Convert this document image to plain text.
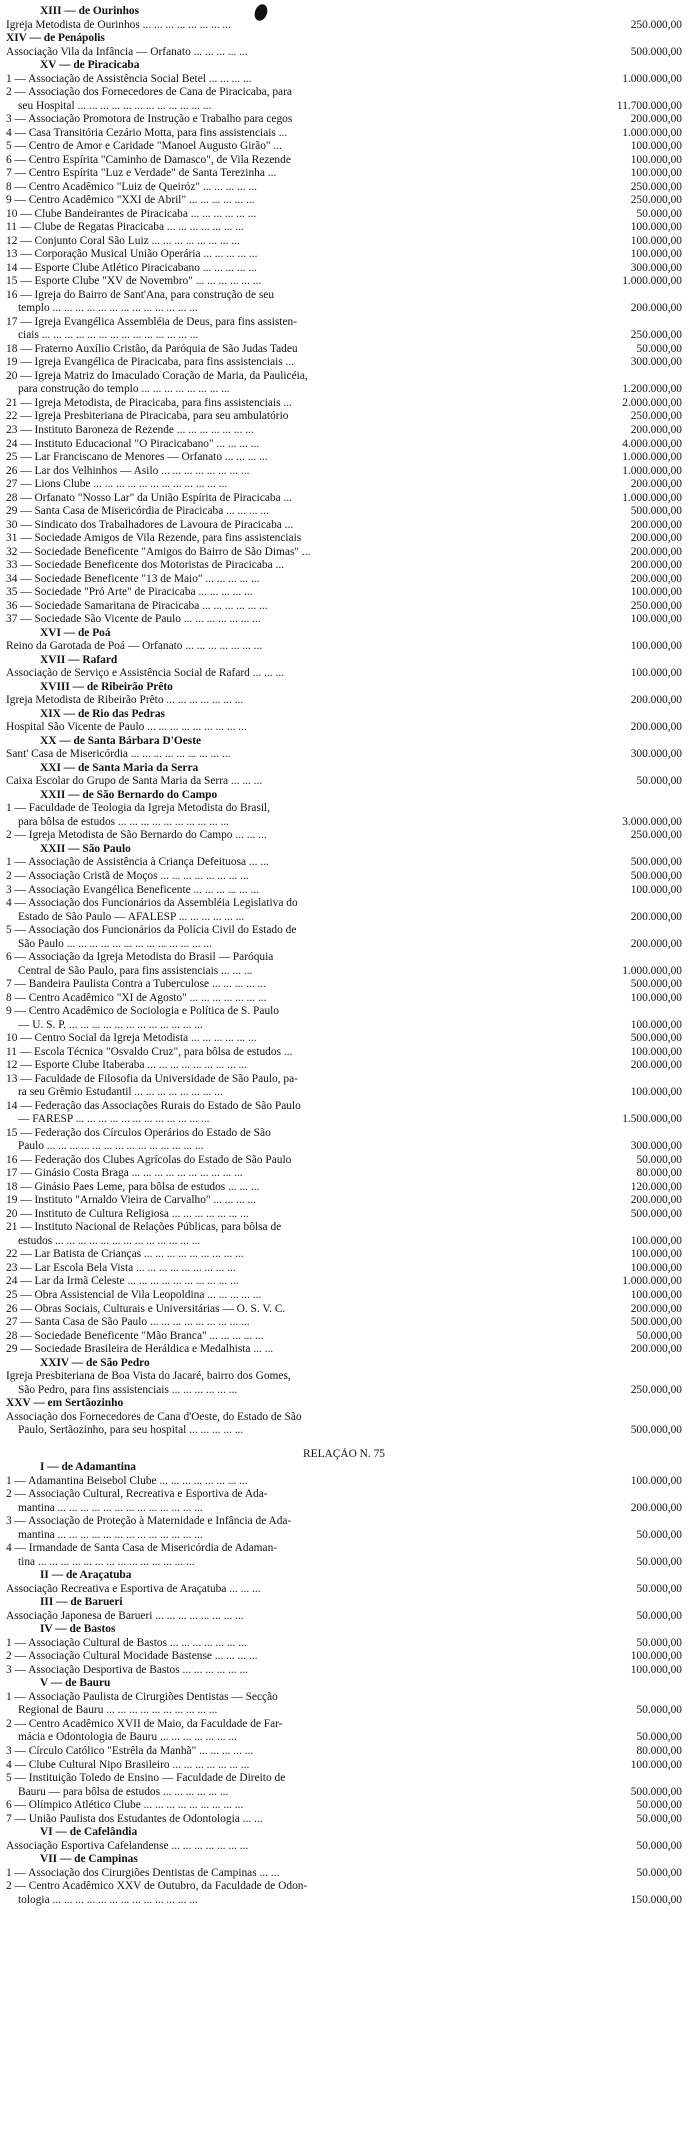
XIII — de Ourinhos
Igreja Metodista de Ourinhos ... ... ... ... ... ... ... ...	250.000,00
XIV — de Penápolis
Associação Vila da Infância — Orfanato ... ... ... ... ...	500.000,00
XV — de Piracicaba
1 — Associação de Assistência Social Betel ... ... ... ...	1.000.000,00
2 — Associação dos Fornecedores de Cana de Piracicaba, para
seu Hospital ... ... ... ... ... ... ... ... ... ... ... ...	11.700.000,00
3 — Associação Promotora de Instrução e Trabalho para cegos	200.000,00
4 — Casa Transitória Cezário Motta, para fins assistenciais ...	1.000.000,00
5 — Centro de Amor e Caridade "Manoel Augusto Girão" ...	100.000,00
6 — Centro Espírita "Caminho de Damasco", de Vila Rezende	100.000,00
7 — Centro Espírita "Luz e Verdade" de Santa Terezinha ...	100.000,00
8 — Centro Acadêmico "Luiz de Queiróz" ... ... ... ... ...	250.000,00
9 — Centro Acadêmico "XXI de Abril" ... ... ... ... ... ...	250.000,00
10 — Clube Bandeirantes de Piracicaba ... ... ... ... ... ...	50.000,00
11 — Clube de Regatas Piracicaba ... ... ... ... ... ... ...	100.000,00
12 — Conjunto Coral São Luiz ... ... ... ... ... ... ... ...	100.000,00
13 — Corporação Musical União Operária ... ... ... ... ...	100.000,00
14 — Esporte Clube Atlético Piracicabano ... ... ... ... ...	300.000,00
15 — Esporte Clube "XV de Novembro" ... ... ... ... ... ...	1.000.000,00
16 — Igreja do Bairro de Sant'Ana, para construção de seu
templo ... ... ... ... ... ... ... ... ... ... ... ... ...	200.000,00
17 — Igreja Evangélica Assembléia de Deus, para fins assisten-
ciais ... ... ... ... ... ... ... ... ... ... ... ... ... ...	250.000,00
18 — Fraterno Auxílio Cristão, da Paróquia de São Judas Tadeu	50.000,00
19 — Igreja Evangélica de Piracicaba, para fins assistenciais ...	300.000,00
20 — Igreja Matriz do Imaculado Coração de Maria, da Paulicéia,
para construção do templo ... ... ... ... ... ... ... ...	1.200.000,00
21 — Igreja Metodista, de Piracicaba, para fins assistenciais ...	2.000.000,00
22 — Igreja Presbiteriana de Piracicaba, para seu ambulatório	250.000,00
23 — Instituto Baroneza de Rezende ... ... ... ... ... ... ...	200.000,00
24 — Instituto Educacional "O Piracicabano" ... ... ... ...	4.000.000,00
25 — Lar Franciscano de Menores — Orfanato ... ... ... ...	1.000.000,00
26 — Lar dos Velhinhos — Asilo ... ... ... ... ... ... ... ...	1.000.000,00
27 — Lions Clube ... ... ... ... ... ... ... ... ... ... ... ...	200.000,00
28 — Orfanato "Nosso Lar" da União Espírita de Piracicaba ...	1.000.000,00
29 — Santa Casa de Misericórdia de Piracicaba ... ... ... ...	500.000,00
30 — Sindicato dos Trabalhadores de Lavoura de Piracicaba ...	200.000,00
31 — Sociedade Amigos de Vila Rezende, para fins assistenciais	200.000,00
32 — Sociedade Beneficente "Amigos do Bairro de São Dimas" ...	200.000,00
33 — Sociedade Beneficente dos Motoristas de Piracicaba ...	200.000,00
34 — Sociedade Beneficente "13 de Maio" ... ... ... ... ...	200.000,00
35 — Sociedade "Pró Arte" de Piracicaba ... ... ... ... ...	100.000,00
36 — Sociedade Samaritana de Piracicaba ... ... ... ... ... ...	250.000,00
37 — Sociedade São Vicente de Paulo ... ... ... ... ... ... ...	100.000,00
XVI — de Poá
Reino da Garotada de Poá — Orfanato ... ... ... ... ... ... ...	100.000,00
XVII — Rafard
Associação de Serviço e Assistência Social de Rafard ... ... ...	100.000,00
XVIII — de Ribeirão Prêto
Igreja Metodista de Ribeirão Prêto ... ... ... ... ... ... ...	200.000,00
XIX — de Rio das Pedras
Hospital São Vicente de Paulo ... ... ... ... ... ... ... ... ...	200.000,00
XX — de Santa Bárbara D'Oeste
Sant' Casa de Misericórdia ... ... ... ... ... ... ... ... ...	300.000,00
XXI — de Santa Maria da Serra
Caixa Escolar do Grupo de Santa Maria da Serra ... ... ...	50.000,00
XXII — de São Bernardo do Campo
1 — Faculdade de Teologia da Igreja Metodista do Brasil,
para bôlsa de estudos ... ... ... ... ... ... ... ... ... ...	3.000.000,00
2 — Igreja Metodista de São Bernardo do Campo ... ... ...	250.000,00
XXII — São Paulo
1 — Associação de Assistência à Criança Defeituosa ... ...	500.000,00
2 — Associação Cristã de Moços ... ... ... ... ... ... ... ...	500.000,00
3 — Associação Evangélica Beneficente ... ... ... ... ... ...	100.000,00
4 — Associação dos Funcionários da Assembléia Legislativa do
Estado de São Paulo — AFALESP ... ... ... ... ... ...	200.000,00
5 — Associação dos Funcionários da Polícia Civil do Estado de
São Paulo ... ... ... ... ... ... ... ... ... ... ... ... ...	200.000,00
6 — Associação da Igreja Metodista do Brasil — Paróquia
Central de São Paulo, para fins assistenciais ... ... ...	1.000.000,00
7 — Bandeira Paulista Contra a Tuberculose ... ... ... ... ...	500.000,00
8 — Centro Acadêmico "XI de Agosto" ... ... ... ... ... ... ...	100.000,00
9 — Centro Acadêmico de Sociologia e Política de S. Paulo
— U. S. P. ... ... ... ... ... ... ... ... ... ... ... ...	100.000,00
10 — Centro Social da Igreja Metodista ... ... ... ... ... ...	500.000,00
11 — Escola Técnica "Osvaldo Cruz", para bôlsa de estudos ...	100.000,00
12 — Esporte Clube Itaberaba ... ... ... ... ... ... ... ... ...	200.000,00
13 — Faculdade de Filosofia da Universidade de São Paulo, pa-
ra seu Grêmio Estudantil ... ... ... ... ... ... ... ...	100.000,00
14 — Federação das Associações Rurais do Estado de São Paulo
— FARESP ... ... ... ... ... ... ... ... ... ... ... ...	1.500.000,00
15 — Federação dos Círculos Operários do Estado de São
Paulo ... ... ... ... ... ... ... ... ... ... ... ... ... ...	300.000,00
16 — Federação dos Clubes Agrícolas do Estado de São Paulo	50.000,00
17 — Ginásio Costa Braga ... ... ... ... ... ... ... ... ... ...	80.000,00
18 — Ginásio Paes Leme, para bôlsa de estudos ... ... ...	120.000,00
19 — Instituto "Arnaldo Vieira de Carvalho" ... ... ... ...	200.000,00
20 — Instituto de Cultura Religiosa ... ... ... ... ... ... ...	500.000,00
21 — Instituto Nacional de Relações Públicas, para bôlsa de
estudos ... ... ... ... ... ... ... ... ... ... ... ... ...	100.000,00
22 — Lar Batista de Crianças ... ... ... ... ... ... ... ... ...	100.000,00
23 — Lar Escola Bela Vista ... ... ... ... ... ... ... ... ...	100.000,00
24 — Lar da Irmã Celeste ... ... ... ... ... ... ... ... ... ...	1.000.000,00
25 — Obra Assistencial de Vila Leopoldina ... ... ... ... ...	100.000,00
26 — Obras Sociais, Culturais e Universitárias — O. S. V. C.	200.000,00
27 — Santa Casa de São Paulo ... ... ... ... ... ... ... ... ...	500.000,00
28 — Sociedade Beneficente "Mão Branca" ... ... ... ... ...	50.000,00
29 — Sociedade Brasileira de Heráldica e Medalhista ... ...	200.000,00
XXIV — de São Pedro
Igreja Presbiteriana de Boa Vista do Jacaré, bairro dos Gomes,
São Pedro, para fins assistenciais ... ... ... ... ... ...	250.000,00
XXV — em Sertãozinho
Associação dos Fornecedores de Cana d'Oeste, do Estado de São
Paulo, Sertãozinho, para seu hospital ... ... ... ... ...	500.000,00
RELAÇÃO N. 75
I — de Adamantina
1 — Adamantina Beisebol Clube ... ... ... ... ... ... ... ...	100.000,00
2 — Associação Cultural, Recreativa e Esportiva de Ada-
mantina ... ... ... ... ... ... ... ... ... ... ... ... ...	200.000,00
3 — Associação de Proteção à Maternidade e Infância de Ada-
mantina ... ... ... ... ... ... ... ... ... ... ... ... ...	50.000,00
4 — Irmandade de Santa Casa de Misericórdia de Adaman-
tina ... ... ... ... ... ... ... ... ... ... ... ... ... ...	50.000,00
II — de Araçatuba
Associação Recreativa e Esportiva de Araçatuba ... ... ...	50.000,00
III — de Barueri
Associação Japonesa de Barueri ... ... ... ... ... ... ... ...	50.000,00
IV — de Bastos
1 — Associação Cultural de Bastos ... ... ... ... ... ... ...	50.000,00
2 — Associação Cultural Mocidade Bastense ... ... ... ...	100.000,00
3 — Associação Desportiva de Bastos ... ... ... ... ... ...	100.000,00
V — de Bauru
1 — Associação Paulista de Cirurgiões Dentistas — Secção
Regional de Bauru ... ... ... ... ... ... ... ... ... ...	50.000,00
2 — Centro Acadêmico XVII de Maio, da Faculdade de Far-
mácia e Odontologia de Bauru ... ... ... ... ... ... ...	50.000,00
3 — Círculo Católico "Estrêla da Manhã" ... ... ... ... ...	80.000,00
4 — Clube Cultural Nipo Brasileiro ... ... ... ... ... ... ...	100.000,00
5 — Instituição Toledo de Ensino — Faculdade de Direito de
Bauru — para bôlsa de estudos ... ... ... ... ... ...	500.000,00
6 — Olímpico Atlético Clube ... ... ... ... ... ... ... ... ...	50.000,00
7 — União Paulista dos Estudantes de Odontologia ... ...	50.000,00
VI — de Cafelândia
Associação Esportiva Cafelandense ... ... ... ... ... ... ...	50.000,00
VII — de Campinas
1 — Associação dos Cirurgiões Dentistas de Campinas ... ...	50.000,00
2 — Centro Acadêmico XXV de Outubro, da Faculdade de Odon-
tologia ... ... ... ... ... ... ... ... ... ... ... ... ...	150.000,00
